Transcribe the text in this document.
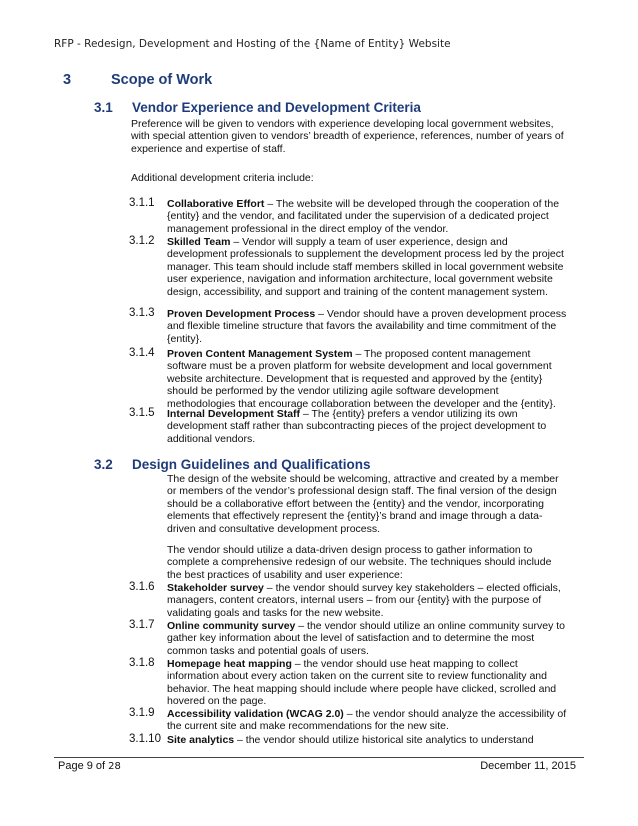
RFP - Redesign, Development and Hosting of the {Name of Entity} Website
3	Scope of Work
3.1 Vendor Experience and Development Criteria
Preference will be given to vendors with experience developing local government websites, with special attention given to vendors’ breadth of experience, references, number of years of experience and expertise of staff.
Additional development criteria include:
3.1.1	Collaborative Effort – The website will be developed through the cooperation of the {entity} and the vendor, and facilitated under the supervision of a dedicated project management professional in the direct employ of the vendor.
3.1.2	Skilled Team – Vendor will supply a team of user experience, design and development professionals to supplement the development process led by the project manager. This team should include staff members skilled in local government website user experience, navigation and information architecture, local government website design, accessibility, and support and training of the content management system.
3.1.3	Proven Development Process – Vendor should have a proven development process and flexible timeline structure that favors the availability and time commitment of the {entity}.
3.1.4	Proven Content Management System – The proposed content management software must be a proven platform for website development and local government website architecture. Development that is requested and approved by the {entity} should be performed by the vendor utilizing agile software development methodologies that encourage collaboration between the developer and the {entity}.
3.1.5	Internal Development Staff – The {entity} prefers a vendor utilizing its own development staff rather than subcontracting pieces of the project development to additional vendors.
3.2 Design Guidelines and Qualifications
The design of the website should be welcoming, attractive and created by a member or members of the vendor’s professional design staff. The final version of the design should be a collaborative effort between the {entity} and the vendor, incorporating elements that effectively represent the {entity}’s brand and image through a data-driven and consultative development process.
The vendor should utilize a data-driven design process to gather information to complete a comprehensive redesign of our website. The techniques should include the best practices of usability and user experience:
3.1.6	Stakeholder survey – the vendor should survey key stakeholders – elected officials, managers, content creators, internal users – from our {entity} with the purpose of validating goals and tasks for the new website.
3.1.7	Online community survey – the vendor should utilize an online community survey to gather key information about the level of satisfaction and to determine the most common tasks and potential goals of users.
3.1.8	Homepage heat mapping – the vendor should use heat mapping to collect information about every action taken on the current site to review functionality and behavior. The heat mapping should include where people have clicked, scrolled and hovered on the page.
3.1.9	Accessibility validation (WCAG 2.0) – the vendor should analyze the accessibility of the current site and make recommendations for the new site.
3.1.10 Site analytics – the vendor should utilize historical site analytics to understand
Page 9 of 28	December 11, 2015
